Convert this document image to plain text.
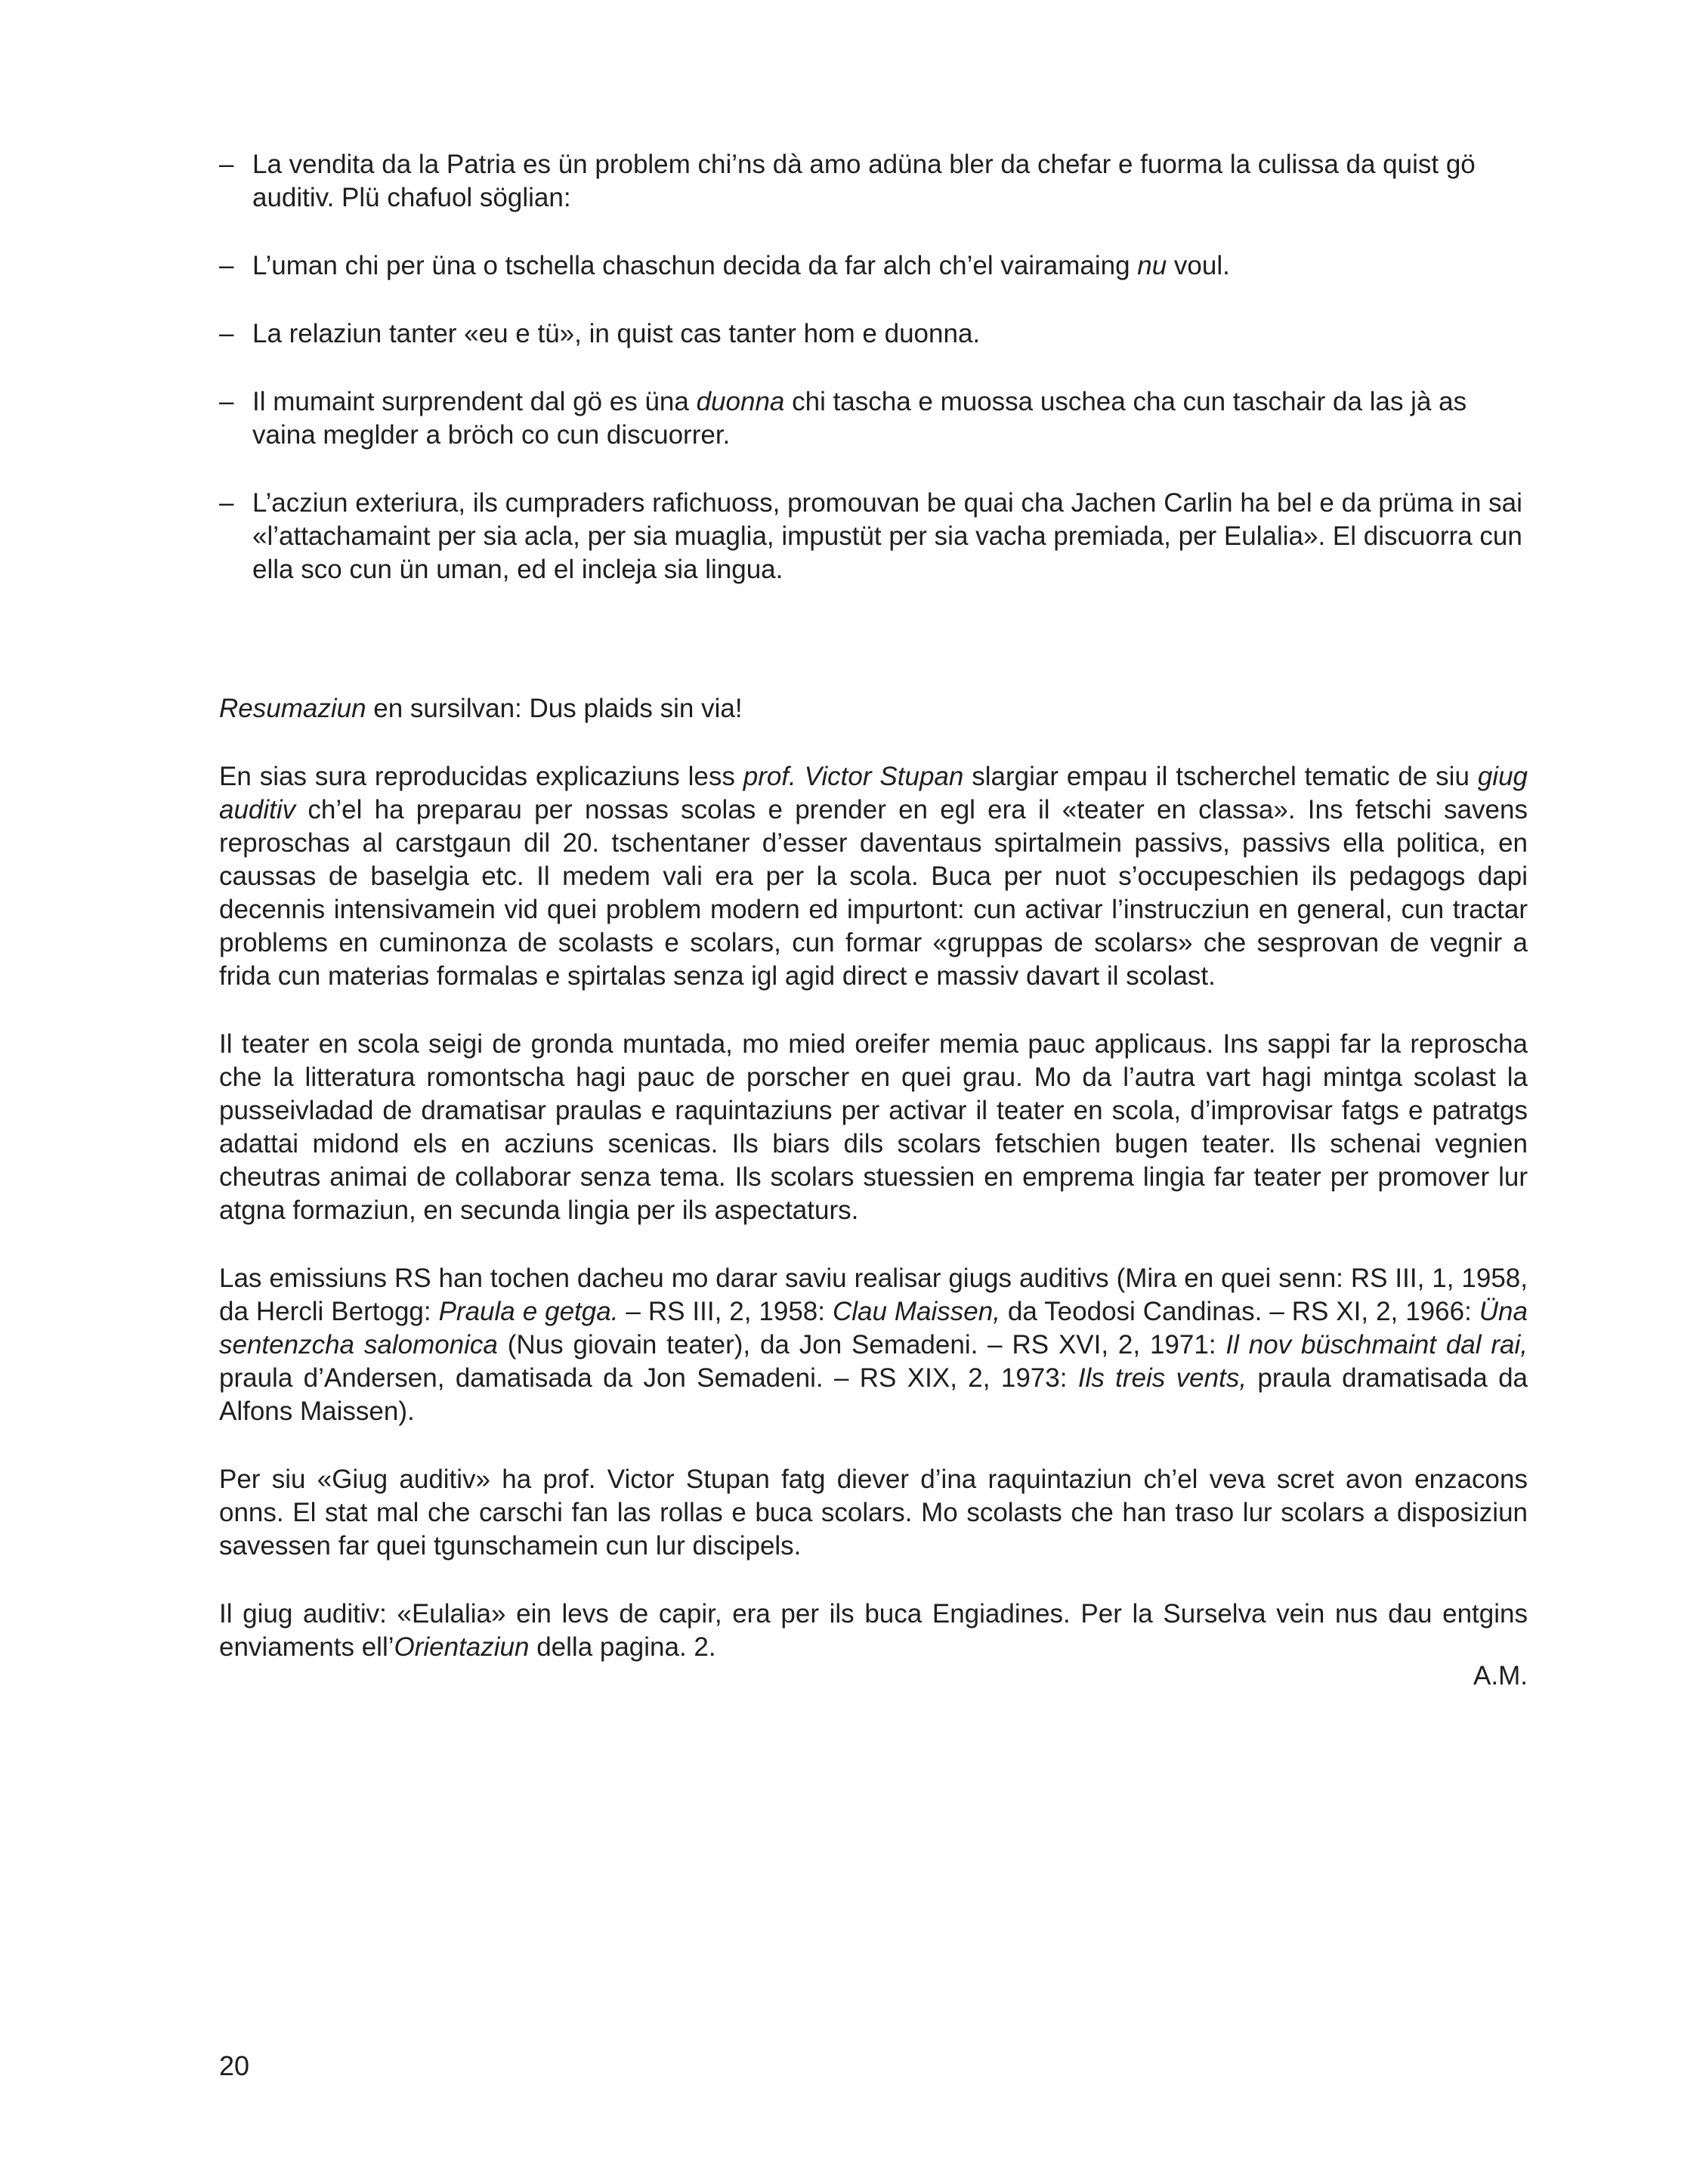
– La vendita da la Patria es ün problem chi’ns dà amo adüna bler da chefar e fuorma la culissa da quist gö auditiv. Plü chafuol söglian:
– L’uman chi per üna o tschella chaschun decida da far alch ch’el vairamaing nu voul.
– La relaziun tanter «eu e tü», in quist cas tanter hom e duonna.
– Il mumaint surprendent dal gö es üna duonna chi tascha e muossa uschea cha cun taschair da las jà as vaina meglder a bröch co cun discuorrer.
– L’acziun exteriura, ils cumpraders rafichuoss, promouvan be quai cha Jachen Carlin ha bel e da prüma in sai «l’attachamaint per sia acla, per sia muaglia, impustüt per sia vacha premiada, per Eulalia». El discuorra cun ella sco cun ün uman, ed el incleja sia lingua.

Resumaziun en sursilvan: Dus plaids sin via!

En sias sura reproducidas explicaziuns less prof. Victor Stupan slargiar empau il tscherchel tematic de siu giug auditiv ch’el ha preparau per nossas scolas e prender en egl era il «teater en classa». Ins fetschi savens reproschas al carstgaun dil 20. tschentaner d’esser daventaus spirtalmein passivs, passivs ella politica, en caussas de baselgia etc. Il medem vali era per la scola. Buca per nuot s’occupeschien ils pedagogs dapi decennis intensivamein vid quei problem modern ed impurtont: cun activar l’instrucziun en general, cun tractar problems en cuminonza de scolasts e scolars, cun formar «gruppas de scolars» che sesprovan de vegnir a frida cun materias formalas e spirtalas senza igl agid direct e massiv davart il scolast.

Il teater en scola seigi de gronda muntada, mo mied oreifer memia pauc applicaus. Ins sappi far la reproscha che la litteratura romontscha hagi pauc de porscher en quei grau. Mo da l’autra vart hagi mintga scolast la pusseivladad de dramatisar praulas e raquintaziuns per activar il teater en scola, d’improvisar fatgs e patratgs adattai midond els en acziuns scenicas. Ils biars dils scolars fetschien bugen teater. Ils schenai vegnien cheutras animai de collaborar senza tema. Ils scolars stuessien en emprema lingia far teater per promover lur atgna formaziun, en secunda lingia per ils aspectaturs.

Las emissiuns RS han tochen dacheu mo darar saviu realisar giugs auditivs (Mira en quei senn: RS III, 1, 1958, da Hercli Bertogg: Praula e getga. – RS III, 2, 1958: Clau Maissen, da Teodosi Candinas. – RS XI, 2, 1966: Üna sentenzcha salomonica (Nus giovain teater), da Jon Semadeni. – RS XVI, 2, 1971: Il nov büschmaint dal rai, praula d’Andersen, damatisada da Jon Semadeni. – RS XIX, 2, 1973: Ils treis vents, praula dramatisada da Alfons Maissen).

Per siu «Giug auditiv» ha prof. Victor Stupan fatg diever d’ina raquintaziun ch’el veva scret avon enzacons onns. El stat mal che carschi fan las rollas e buca scolars. Mo scolasts che han traso lur scolars a disposiziun savessen far quei tgunschamein cun lur discipels.

Il giug auditiv: «Eulalia» ein levs de capir, era per ils buca Engiadines. Per la Surselva vein nus dau entgins enviaments ell’Orientaziun della pagina. 2.

A.M.
20
